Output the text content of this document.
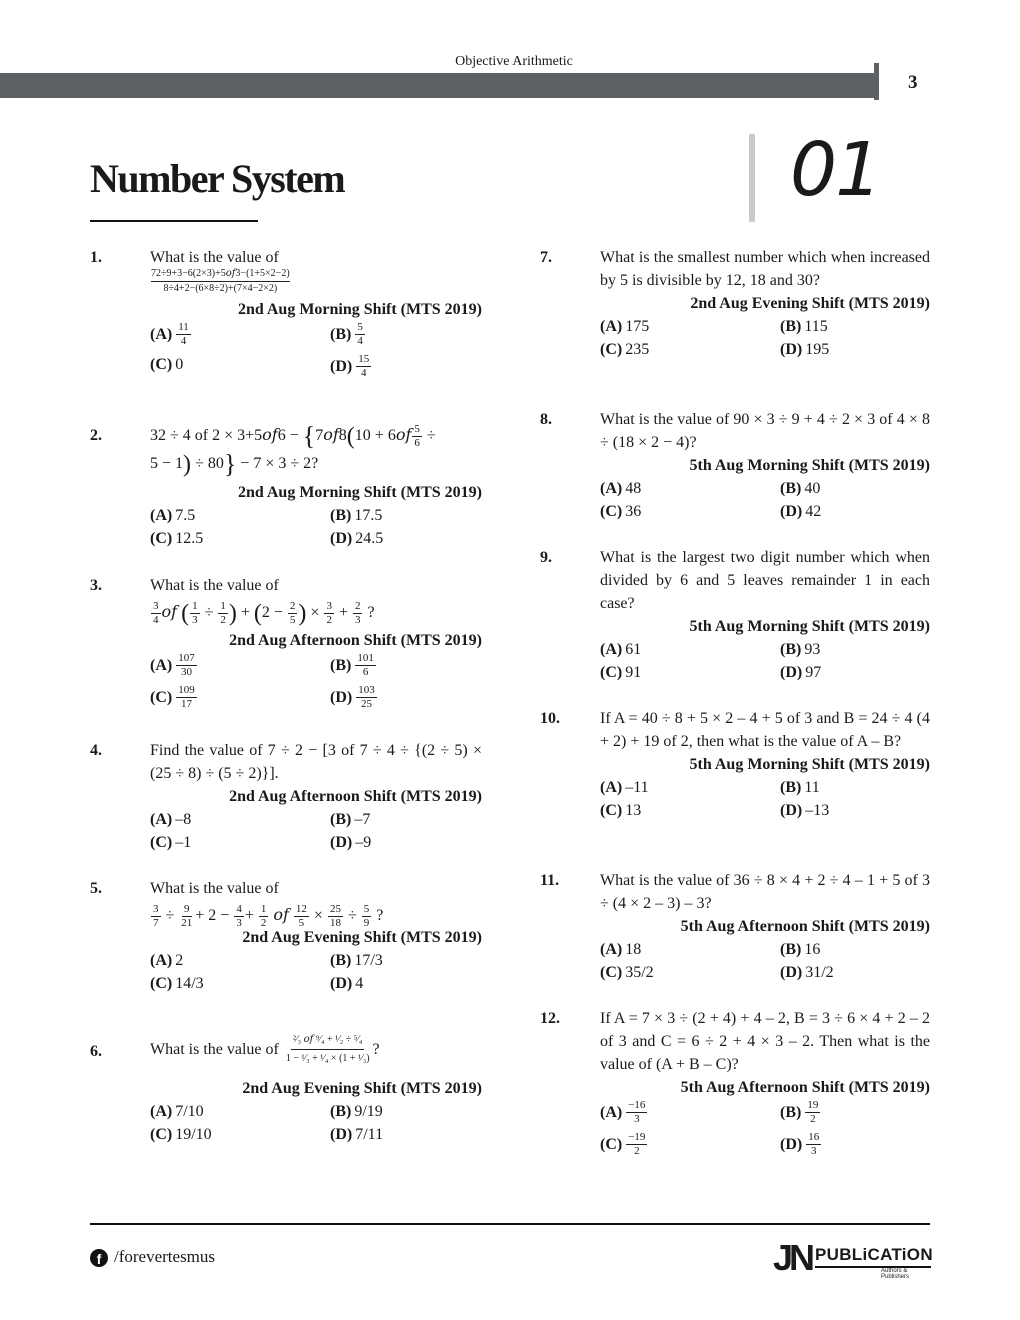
Objective Arithmetic
3
Number System	01
1.	What is the value of
$\frac{\text{72÷9+3−6(2×3)+5𝑜𝑓3−(1+5×2−2)}}{8\div 4+2-(6\times 8\div 2)+(7\times 4-2\times 2)}$
2nd Aug Morning Shift (MTS 2019)
$(A) \frac{11}{4}$	$(B) \frac{5}{4}$
(C) 0	$(D) \frac{15}{4}$
2.	32 ÷ 4 of $2 \times 3+5of6 - \{7of8(10 + 6of \frac{5}{6}$ ÷
5 − 1) ÷ 80} − 7 × 3 ÷ 2?
2nd Aug Morning Shift (MTS 2019)
(A) 7.5	(B) 17.5
(C) 12.5	(D) 24.5
3.	What is the value of
$\frac{3}{4}$ of ( $\frac{1}{3} \div \frac{1}{2}$ ) + ($2 - \frac{2}{5}$ ) × $\frac{3}{2} + \frac{2}{3}$ ?
2nd Aug Afternoon Shift (MTS 2019)
$(A) \frac{107}{30}$	$(B) \frac{101}{6}$
$(C) \frac{109}{17}$	$(D) \frac{103}{25}$
4.	Find the value of 7 ÷ 2 − [3 of 7 ÷ 4 ÷ {(2 ÷ 5) × (25 ÷ 8) ÷ (5 ÷ 2)}].
2nd Aug Afternoon Shift (MTS 2019)
(A) –8	(B) –7
(C) –1	(D) –9
5.	What is the value of
$\frac{3}{7} \div \frac{9}{21} + 2 - \frac{4}{3} + \frac{1}{2}$ of $\frac{12}{5} \times \frac{25}{18} \div \frac{5}{9}$ ?
2nd Aug Evening Shift (MTS 2019)
(A) 2	(B) 17/3
(C) 14/3	(D) 4
6.	What is the value of
$\frac{\text{²⁄₃ 𝑜𝑓 ⁹⁄₄ + ¹⁄₂ ÷ ⁵⁄₄}}{\text{1 − ¹⁄₃ + ¹⁄₄ × (1 + ¹⁄₃)}}$ ?
2nd Aug Evening Shift (MTS 2019)
(A) 7/10	(B) 9/19
(C) 19/10	(D) 7/11
7.	What is the smallest number which when increased by 5 is divisible by 12, 18 and 30?
2nd Aug Evening Shift (MTS 2019)
(A) 175	(B) 115
(C) 235	(D) 195
8.	What is the value of 90 × 3 ÷ 9 + 4 ÷ 2 × 3 of 4 × 8 ÷ (18 × 2 − 4)?
5th Aug Morning Shift (MTS 2019)
(A) 48	(B) 40
(C) 36	(D) 42
9.	What is the largest two digit number which when divided by 6 and 5 leaves remainder 1 in each case?
5th Aug Morning Shift (MTS 2019)
(A) 61	(B) 93
(C) 91	(D) 97
10.	If A = 40 ÷ 8 + 5 × 2 – 4 + 5 of 3 and B = 24 ÷ 4 (4 + 2) + 19 of 2, then what is the value of A – B?
5th Aug Morning Shift (MTS 2019)
(A) –11	(B) 11
(C) 13	(D) –13
11.	What is the value of 36 ÷ 8 × 4 + 2 ÷ 4 – 1 + 5 of 3 ÷ (4 × 2 – 3) – 3?
5th Aug Afternoon Shift (MTS 2019)
(A) 18	(B) 16
(C) 35/2	(D) 31/2
12.	If A = 7 × 3 ÷ (2 + 4) + 4 – 2, B = 3 ÷ 6 × 4 + 2 – 2 of 3 and C = 6 ÷ 2 + 4 × 3 – 2. Then what is the value of (A + B – C)?
5th Aug Afternoon Shift (MTS 2019)
$(A) \frac{-16}{3}$	$(B) \frac{19}{2}$
$(C) \frac{-19}{2}$	$(D) \frac{16}{3}$
f /forevertesmus	JN PUBLiCATiON
Authors & Publishers
